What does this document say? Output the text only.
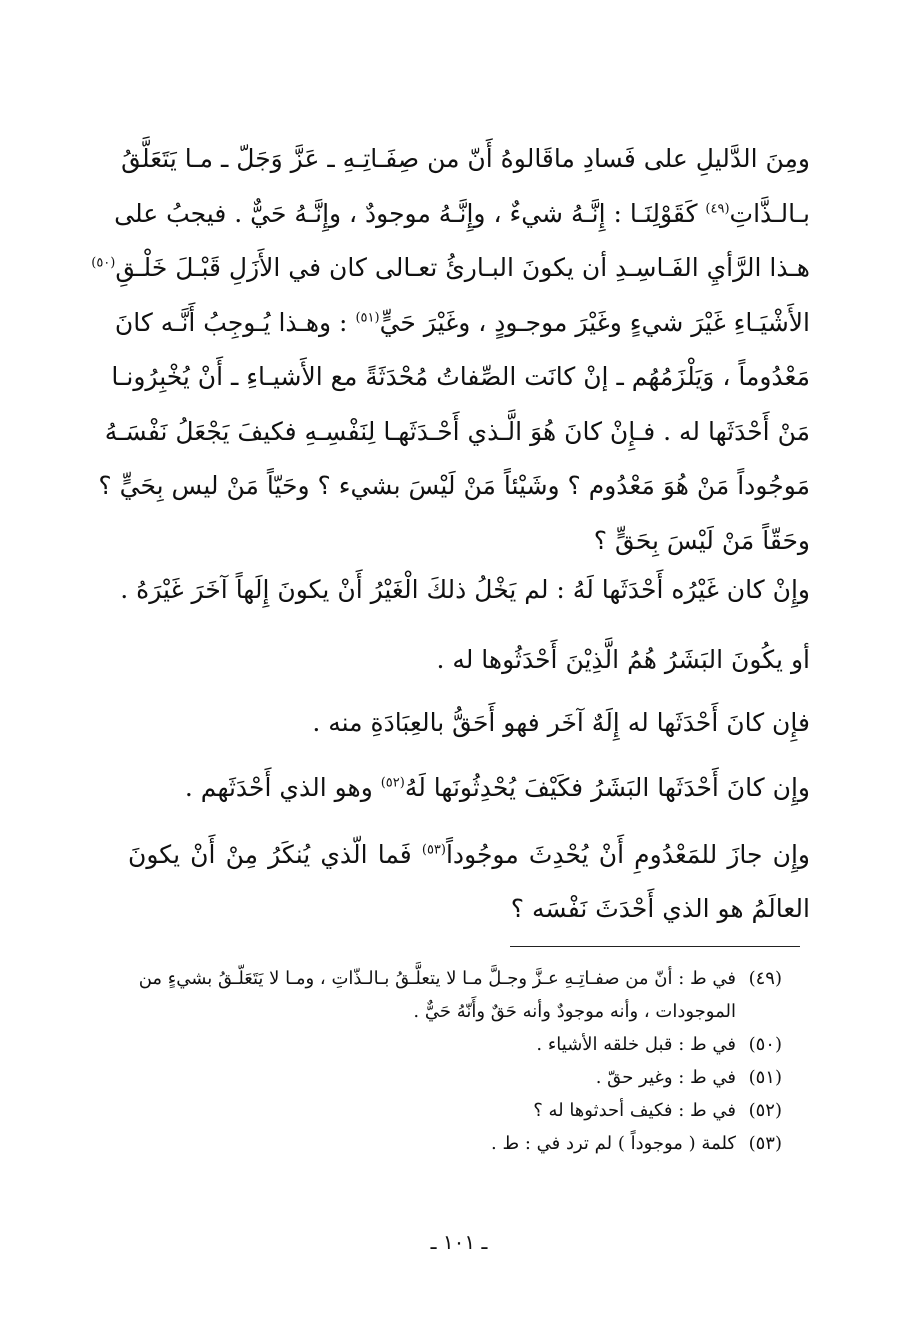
ومِنَ الدَّليلِ على فَسادِ ماقَالوهُ أَنّ من صِفَـاتِـهِ ـ عَزَّ وَجَلّ ـ مـا يَتَعَلَّقُ
بـالـذَّاتِ$^{(٤٩)}$ كَقَوْلِنَـا : إِنَّـهُ شيءٌ ، وإِنَّـهُ موجودٌ ، وإِنَّـهُ حَيٌّ . فيجبُ على
هـذا الرَّأيِ الفَـاسِـدِ أن يكونَ البـارئُ تعـالى كان في الأَزَلِ قَبْـلَ خَلْـقِ$^{(٥٠)}$
الأَشْيَـاءِ غَيْرَ شيءٍ وغَيْرَ موجـودٍ ، وغَيْرَ حَيٍّ$^{(٥١)}$ : وهـذا يُـوجِبُ أَنَّـه كانَ
مَعْدُوماً ، وَيَلْزَمُهُم ـ إنْ كانَت الصِّفاتُ مُحْدَثَةً مع الأَشيـاءِ ـ أَنْ يُخْبِرُونـا
مَنْ أَحْدَثَها له . فـإِنْ كانَ هُوَ الَّـذي أَحْـدَثَهـا لِنَفْسِـهِ فكيفَ يَجْعَلُ نَفْسَـهُ
مَوجُوداً مَنْ هُوَ مَعْدُوم ؟ وشَيْئاً مَنْ لَيْسَ بشيء ؟ وحَيّاً مَنْ ليس بِحَيٍّ ؟
وحَقّاً مَنْ لَيْسَ بِحَقٍّ ؟
وإِنْ كان غَيْرُه أَحْدَثَها لَهُ : لم يَخْلُ ذلكَ الْغَيْرُ أَنْ يكونَ إِلَهاً آخَرَ غَيْرَهُ .
أو يكُونَ البَشَرُ هُمُ الَّذِيْنَ أَحْدَثُوها له .
فإِن كانَ أَحْدَثَها له إِلَهٌ آخَر فهو أَحَقُّ بالعِبَادَةِ منه .
وإِن كانَ أَحْدَثَها البَشَرُ فكَيْفَ يُحْدِثُونَها لَهُ$^{(٥٢)}$ وهو الذي أَحْدَثَهم .
وإِن جازَ للمَعْدُومِ أَنْ يُحْدِثَ موجُوداً$^{(٥٣)}$ فَما الّذي يُنكَرُ مِنْ أَنْ يكونَ
العالَمُ هو الذي أَحْدَثَ نَفْسَه ؟
(٤٩)في ط : أنّ من صفـاتِـهِ عـزَّ وجـلَّ مـا لا يتعلَّـقُ بـالـذّاتِ ، ومـا لا يَتَعَلّـقُ بشيءٍ من
الموجودات ، وأنه موجودٌ وأنه حَقٌ وأَنّهُ حَيٌّ .
(٥٠)في ط : قبل خلقه الأشياء .
(٥١)في ط : وغير حقّ .
(٥٢)في ط : فكيف أحدثوها له ؟
(٥٣)كلمة ( موجوداً ) لم ترد في : ط .
ـ ١٠١ ـ
